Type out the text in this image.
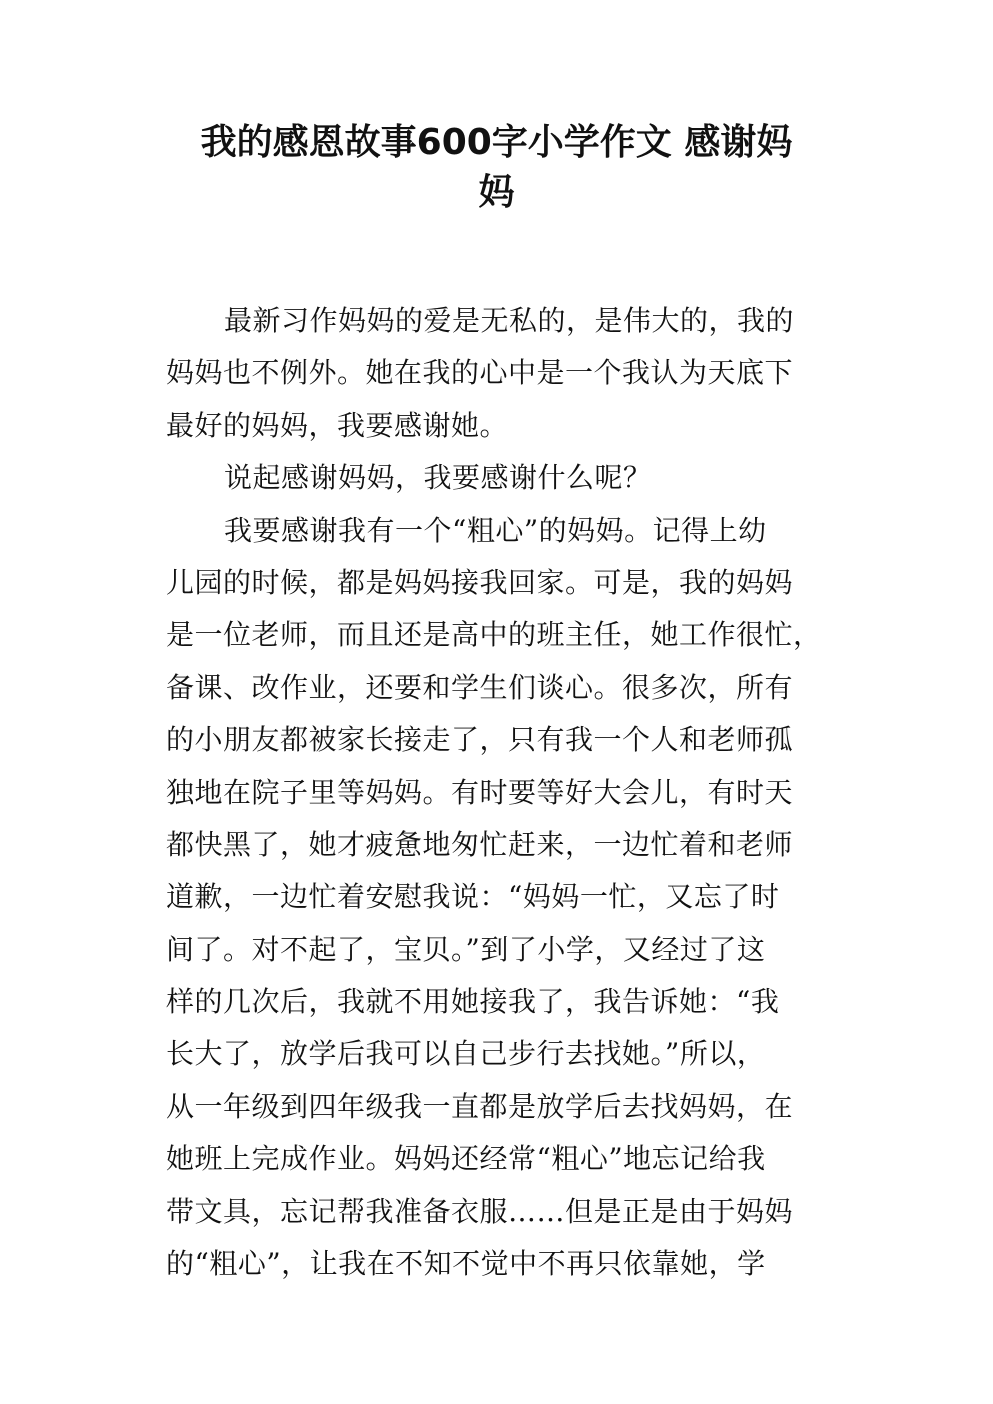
我的感恩故事600字小学作文 感谢妈
妈
最新习作妈妈的爱是无私的，是伟大的，我的
妈妈也不例外。她在我的心中是一个我认为天底下
最好的妈妈，我要感谢她。
说起感谢妈妈，我要感谢什么呢？
我要感谢我有一个“粗心”的妈妈。记得上幼
儿园的时候，都是妈妈接我回家。可是，我的妈妈
是一位老师，而且还是高中的班主任，她工作很忙，
备课、改作业，还要和学生们谈心。很多次，所有
的小朋友都被家长接走了，只有我一个人和老师孤
独地在院子里等妈妈。有时要等好大会儿，有时天
都快黑了，她才疲惫地匆忙赶来，一边忙着和老师
道歉，一边忙着安慰我说：“妈妈一忙，又忘了时
间了。对不起了，宝贝。”到了小学，又经过了这
样的几次后，我就不用她接我了，我告诉她：“我
长大了，放学后我可以自己步行去找她。”所以，
从一年级到四年级我一直都是放学后去找妈妈，在
她班上完成作业。妈妈还经常“粗心”地忘记给我
带文具，忘记帮我准备衣服……但是正是由于妈妈
的“粗心”，让我在不知不觉中不再只依靠她，学
